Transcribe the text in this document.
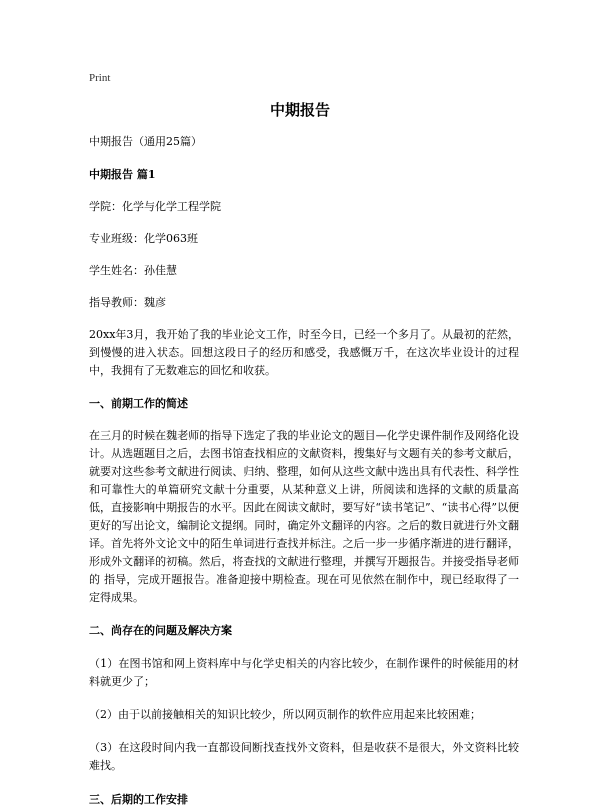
Print
中期报告

中期报告（通用25篇）

中期报告 篇1

学院：化学与化学工程学院

专业班级：化学063班

学生姓名：孙佳慧

指导教师：魏彦

20xx年3月，我开始了我的毕业论文工作，时至今日，已经一个多月了。从最初的茫然，到慢慢的进入状态。回想这段日子的经历和感受，我感慨万千，在这次毕业设计的过程中，我拥有了无数难忘的回忆和收获。

一、前期工作的简述

在三月的时候在魏老师的指导下选定了我的毕业论文的题目—化学史课件制作及网络化设计。从选题题目之后，去图书馆查找相应的文献资料，搜集好与文题有关的参考文献后，就要对这些参考文献进行阅读、归纳、整理，如何从这些文献中选出具有代表性、科学性和可靠性大的单篇研究文献十分重要，从某种意义上讲，所阅读和选择的文献的质量高低，直接影响中期报告的水平。因此在阅读文献时，要写好“读书笔记”、“读书心得”以便更好的写出论文，编制论文提纲。同时，确定外文翻译的内容。之后的数日就进行外文翻译。首先将外文论文中的陌生单词进行查找并标注。之后一步一步循序渐进的进行翻译，形成外文翻译的初稿。然后，将查找的文献进行整理，并撰写开题报告。并接受指导老师的 指导，完成开题报告。准备迎接中期检查。现在可见依然在制作中，现已经取得了一定得成果。

二、尚存在的问题及解决方案

（1）在图书馆和网上资料库中与化学史相关的内容比较少，在制作课件的时候能用的材料就更少了；

（2）由于以前接触相关的知识比较少，所以网页制作的软件应用起来比较困难；

（3）在这段时间内我一直都设间断找查找外文资料，但是收获不是很大，外文资料比较难找。

三、后期的工作安排
